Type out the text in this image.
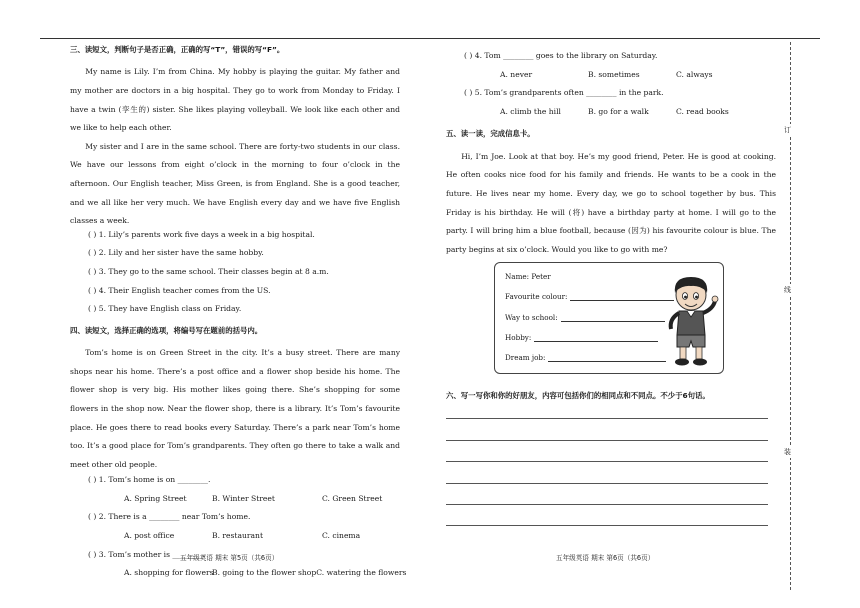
三、读短文，判断句子是否正确，正确的写“T”，错误的写“F”。

My name is Lily. I’m from China. My hobby is playing the guitar. My father and my mother are doctors in a big hospital. They go to work from Monday to Friday. I have a twin (孪生的) sister. She likes playing volleyball. We look like each other and we like to help each other.

My sister and I are in the same school. There are forty-two students in our class. We have our lessons from eight o’clock in the morning to four o’clock in the afternoon. Our English teacher, Miss Green, is from England. She is a good teacher, and we all like her very much. We have English every day and we have five English classes a week.

( ) 1. Lily’s parents work five days a week in a big hospital.
( ) 2. Lily and her sister have the same hobby.
( ) 3. They go to the same school. Their classes begin at 8 a.m.
( ) 4. Their English teacher comes from the US.
( ) 5. They have English class on Friday.
四、读短文，选择正确的选项，将编号写在题前的括号内。

Tom’s home is on Green Street in the city. It’s a busy street. There are many shops near his home. There’s a post office and a flower shop beside his home. The flower shop is very big. His mother likes going there. She’s shopping for some flowers in the shop now. Near the flower shop, there is a library. It’s Tom’s favourite place. He goes there to read books every Saturday. There’s a park near Tom’s home too. It’s a good place for Tom’s grandparents. They often go there to take a walk and meet other old people.

( ) 1. Tom’s home is on ________.
A. Spring Street	B. Winter Street	C. Green Street
( ) 2. There is a ________ near Tom’s home.
A. post office	B. restaurant	C. cinema
( ) 3. Tom’s mother is ________.
A. shopping for flowers
B. going to the flower shop C. watering the flowers
五年级英语 期末 第5页（共6页）
( ) 4. Tom ________ goes to the library on Saturday.
A. never	B. sometimes	C. always
( ) 5. Tom’s grandparents often ________ in the park.
A. climb the hill	B. go for a walk	C. read books
五、读一读，完成信息卡。

Hi, I’m Joe. Look at that boy. He’s my good friend, Peter. He is good at cooking. He often cooks nice food for his family and friends. He wants to be a cook in the future. He lives near my home. Every day, we go to school together by bus. This Friday is his birthday. He will (将) have a birthday party at home. I will go to the party. I will bring him a blue football, because (因为) his favourite colour is blue. The party begins at six o’clock. Would you like to go with me?

Name: Peter
Favourite colour:
Way to school:
Hobby:
Dream job:
六、写一写你和你的好朋友，内容可包括你们的相同点和不同点。不少于6句话。
五年级英语 期末 第6页（共6页）
订
线
装
